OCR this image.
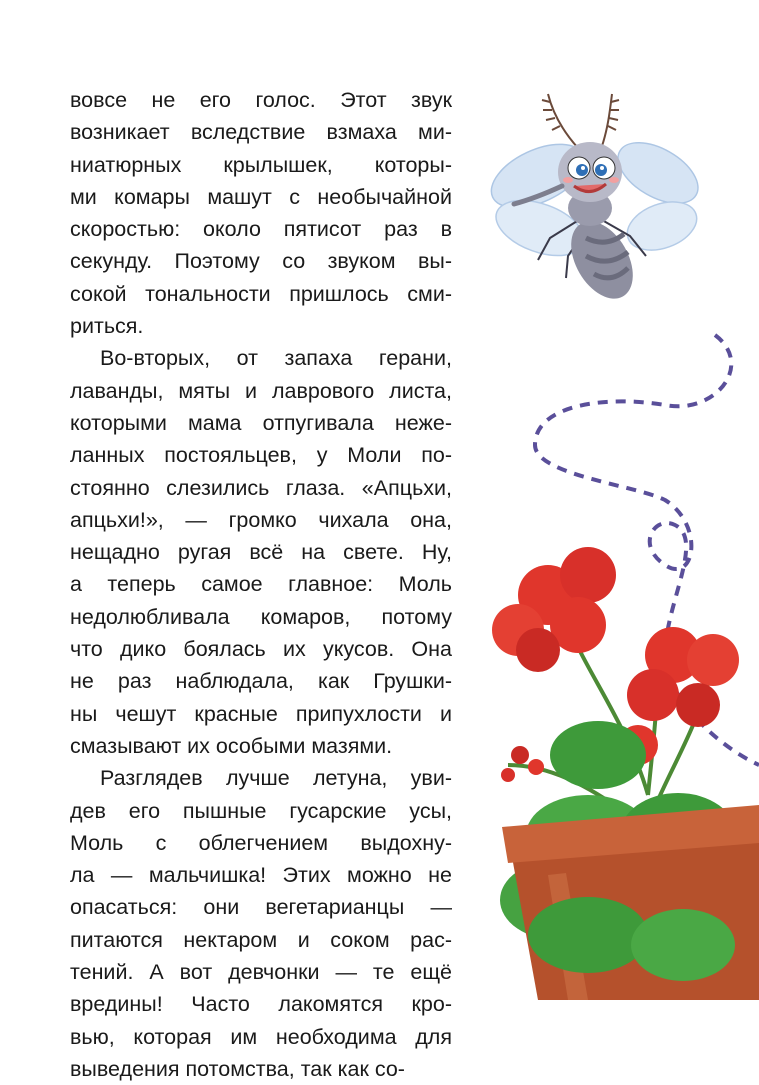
вовсе не его голос. Этот звук
возникает вследствие взмаха ми-
ниатюрных крылышек, которы-
ми комары машут с необычайной
скоростью: около пятисот раз в
секунду. Поэтому со звуком вы-
сокой тональности пришлось сми-
риться.

Во-вторых, от запаха герани,
лаванды, мяты и лаврового листа,
которыми мама отпугивала неже-
ланных постояльцев, у Моли по-
стоянно слезились глаза. «Апцьхи,
апцьхи!», — громко чихала она,
нещадно ругая всё на свете. Ну,
а теперь самое главное: Моль
недолюбливала комаров, потому
что дико боялась их укусов. Она
не раз наблюдала, как Грушки-
ны чешут красные припухлости и
смазывают их особыми мазями.

Разглядев лучше летуна, уви-
дев его пышные гусарские усы,
Моль с облегчением выдохну-
ла — мальчишка! Этих можно не
опасаться: они вегетарианцы —
питаются нектаром и соком рас-
тений. А вот девчонки — те ещё
вредины! Часто лакомятся кро-
вью, которая им необходима для
выведения потомства, так как со-
